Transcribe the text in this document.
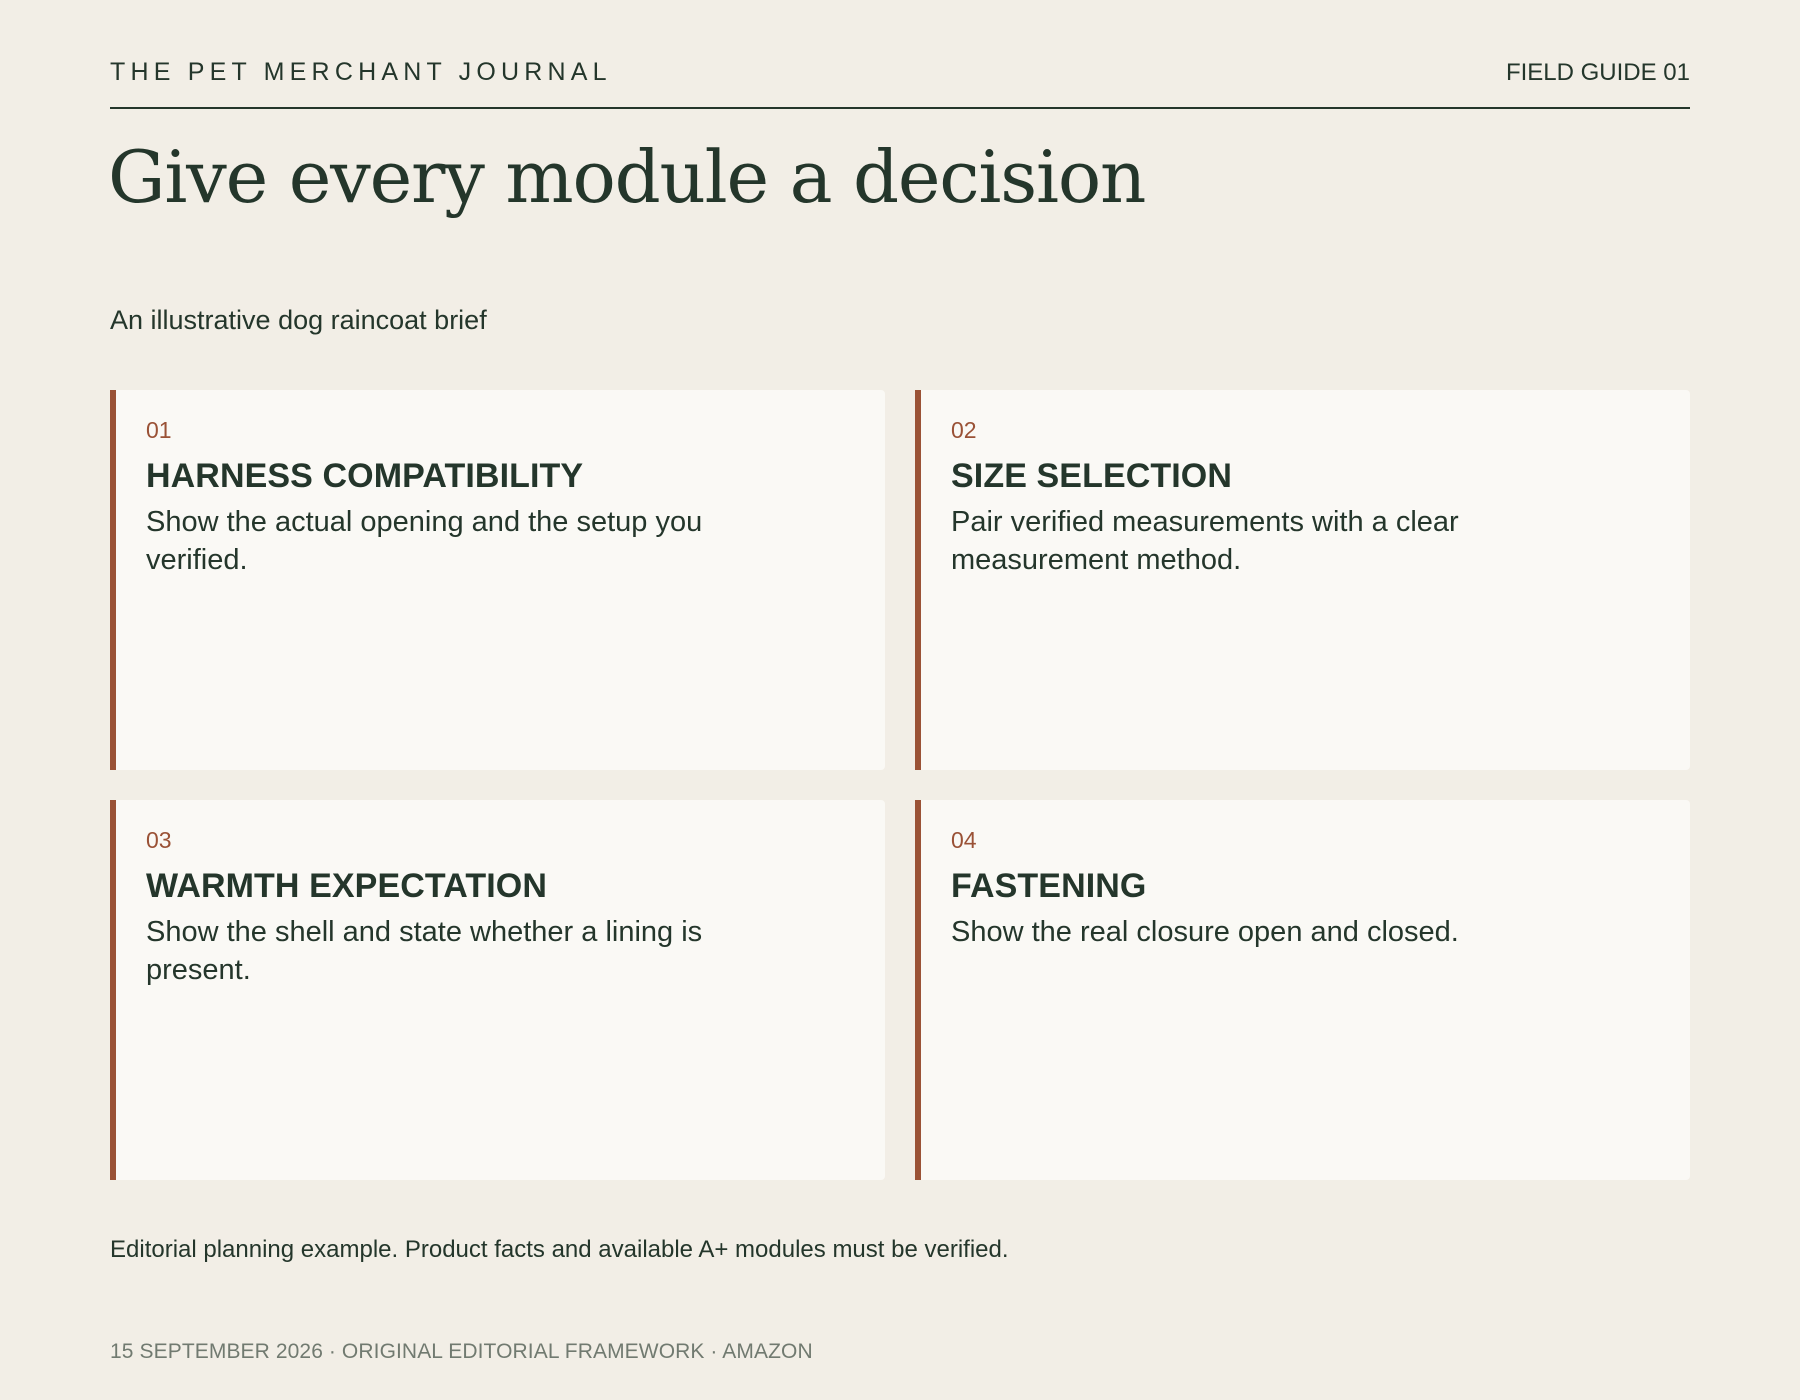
THE PET MERCHANT JOURNAL	FIELD GUIDE 01
Give every module a decision

An illustrative dog raincoat brief

01
HARNESS COMPATIBILITY

Show the actual opening and the setup you verified.

02
SIZE SELECTION

Pair verified measurements with a clear measurement method.

03
WARMTH EXPECTATION

Show the shell and state whether a lining is present.

04
FASTENING

Show the real closure open and closed.

Editorial planning example. Product facts and available A+ modules must be verified.

15 SEPTEMBER 2026 · ORIGINAL EDITORIAL FRAMEWORK · AMAZON
